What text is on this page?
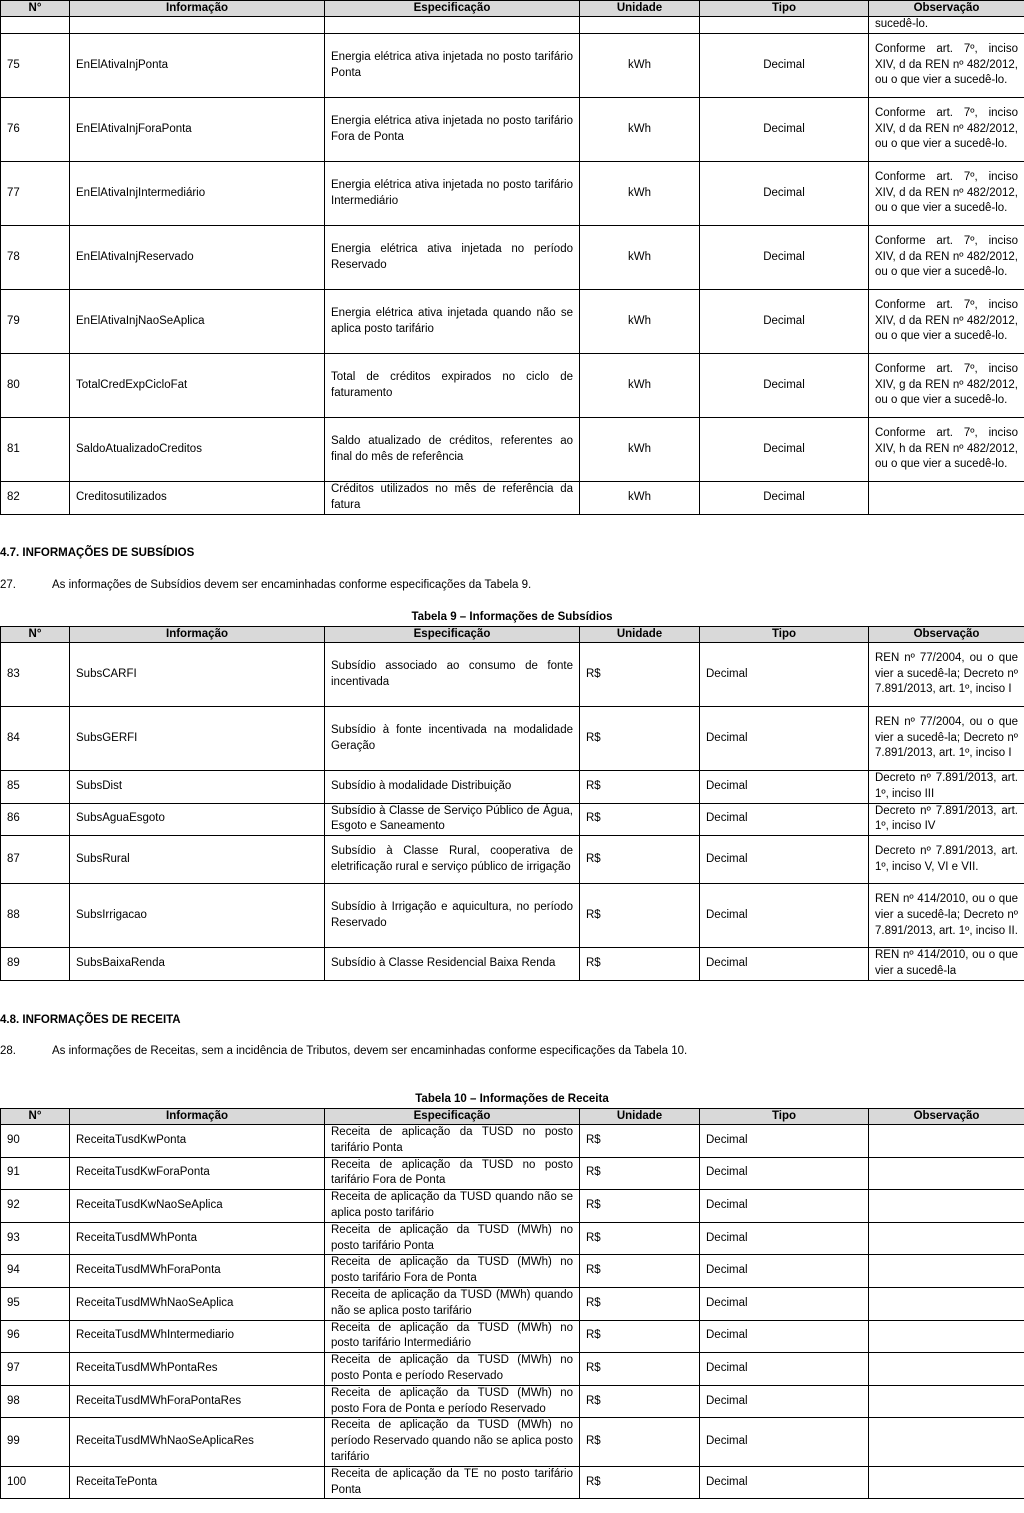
N°	Informação	Especificação	Unidade	Tipo	Observação
					sucedê-lo.
75	EnElAtivaInjPonta	Energia elétrica ativa injetada no posto tarifário Ponta	kWh	Decimal	Conforme art. 7º, inciso XIV, d da REN nº 482/2012, ou o que vier a sucedê-lo.
76	EnElAtivaInjForaPonta	Energia elétrica ativa injetada no posto tarifário Fora de Ponta	kWh	Decimal	Conforme art. 7º, inciso XIV, d da REN nº 482/2012, ou o que vier a sucedê-lo.
77	EnElAtivaInjIntermediário	Energia elétrica ativa injetada no posto tarifário Intermediário	kWh	Decimal	Conforme art. 7º, inciso XIV, d da REN nº 482/2012, ou o que vier a sucedê-lo.
78	EnElAtivaInjReservado	Energia elétrica ativa injetada no período Reservado	kWh	Decimal	Conforme art. 7º, inciso XIV, d da REN nº 482/2012, ou o que vier a sucedê-lo.
79	EnElAtivaInjNaoSeAplica	Energia elétrica ativa injetada quando não se aplica posto tarifário	kWh	Decimal	Conforme art. 7º, inciso XIV, d da REN nº 482/2012, ou o que vier a sucedê-lo.
80	TotalCredExpCicloFat	Total de créditos expirados no ciclo de faturamento	kWh	Decimal	Conforme art. 7º, inciso XIV, g da REN nº 482/2012, ou o que vier a sucedê-lo.
81	SaldoAtualizadoCreditos	Saldo atualizado de créditos, referentes ao final do mês de referência	kWh	Decimal	Conforme art. 7º, inciso XIV, h da REN nº 482/2012, ou o que vier a sucedê-lo.
82	Creditosutilizados	Créditos utilizados no mês de referência da fatura	kWh	Decimal	
4.7. INFORMAÇÕES DE SUBSÍDIOS
27.	As informações de Subsídios devem ser encaminhadas conforme especificações da Tabela 9.
Tabela 9 – Informações de Subsídios
N°	Informação	Especificação	Unidade	Tipo	Observação
83	SubsCARFI	Subsídio associado ao consumo de fonte incentivada	R$	Decimal	REN nº 77/2004, ou o que vier a sucedê-la; Decreto nº 7.891/2013, art. 1º, inciso I
84	SubsGERFI	Subsídio à fonte incentivada na modalidade Geração	R$	Decimal	REN nº 77/2004, ou o que vier a sucedê-la; Decreto nº 7.891/2013, art. 1º, inciso I
85	SubsDist	Subsídio à modalidade Distribuição	R$	Decimal	Decreto nº 7.891/2013, art. 1º, inciso III
86	SubsAguaEsgoto	Subsídio à Classe de Serviço Público de Água, Esgoto e Saneamento	R$	Decimal	Decreto nº 7.891/2013, art. 1º, inciso IV
87	SubsRural	Subsídio à Classe Rural, cooperativa de eletrificação rural e serviço público de irrigação	R$	Decimal	Decreto nº 7.891/2013, art. 1º, inciso V, VI e VII.
88	SubsIrrigacao	Subsídio à Irrigação e aquicultura, no período Reservado	R$	Decimal	REN nº 414/2010, ou o que vier a sucedê-la; Decreto nº 7.891/2013, art. 1º, inciso II.
89	SubsBaixaRenda	Subsídio à Classe Residencial Baixa Renda	R$	Decimal	REN nº 414/2010, ou o que vier a sucedê-la
4.8. INFORMAÇÕES DE RECEITA
28.	As informações de Receitas, sem a incidência de Tributos, devem ser encaminhadas conforme especificações da Tabela 10.
Tabela 10 – Informações de Receita
N°	Informação	Especificação	Unidade	Tipo	Observação
90	ReceitaTusdKwPonta	Receita de aplicação da TUSD no posto tarifário Ponta	R$	Decimal	
91	ReceitaTusdKwForaPonta	Receita de aplicação da TUSD no posto tarifário Fora de Ponta	R$	Decimal	
92	ReceitaTusdKwNaoSeAplica	Receita de aplicação da TUSD quando não se aplica posto tarifário	R$	Decimal	
93	ReceitaTusdMWhPonta	Receita de aplicação da TUSD (MWh) no posto tarifário Ponta	R$	Decimal	
94	ReceitaTusdMWhForaPonta	Receita de aplicação da TUSD (MWh) no posto tarifário Fora de Ponta	R$	Decimal	
95	ReceitaTusdMWhNaoSeAplica	Receita de aplicação da TUSD (MWh) quando não se aplica posto tarifário	R$	Decimal	
96	ReceitaTusdMWhIntermediario	Receita de aplicação da TUSD (MWh) no posto tarifário Intermediário	R$	Decimal	
97	ReceitaTusdMWhPontaRes	Receita de aplicação da TUSD (MWh) no posto Ponta e período Reservado	R$	Decimal	
98	ReceitaTusdMWhForaPontaRes	Receita de aplicação da TUSD (MWh) no posto Fora de Ponta e período Reservado	R$	Decimal	
99	ReceitaTusdMWhNaoSeAplicaRes	Receita de aplicação da TUSD (MWh) no período Reservado quando não se aplica posto tarifário	R$	Decimal	
100	ReceitaTePonta	Receita de aplicação da TE no posto tarifário Ponta	R$	Decimal	
